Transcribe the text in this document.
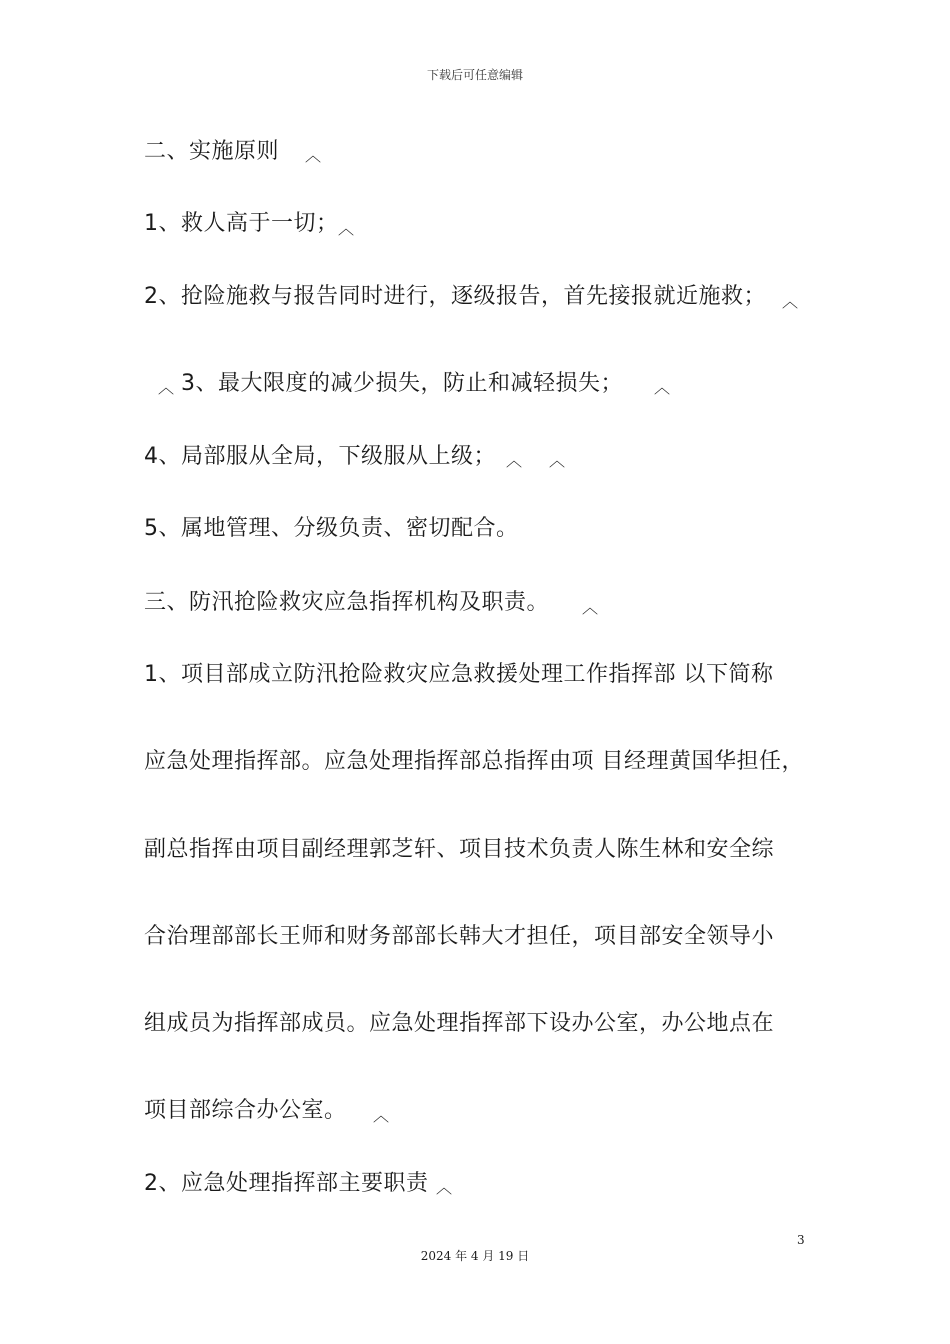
下载后可任意编辑
二、实施原则
1、救人高于一切；
2、抢险施救与报告同时进行，逐级报告，首先接报就近施救；
3、最大限度的减少损失，防止和减轻损失；
4、局部服从全局，下级服从上级；
5、属地管理、分级负责、密切配合。
三、防汛抢险救灾应急指挥机构及职责。
1、项目部成立防汛抢险救灾应急救援处理工作指挥部 以下简称
应急处理指挥部。应急处理指挥部总指挥由项 目经理黄国华担任，
副总指挥由项目副经理郭芝轩、项目技术负责人陈生林和安全综
合治理部部长王师和财务部部长韩大才担任，项目部安全领导小
组成员为指挥部成员。应急处理指挥部下设办公室，办公地点在
项目部综合办公室。
2、应急处理指挥部主要职责
︿
︿
︿
︿	︿
︿ ︿
︿
︿
︿
3
2024 年 4 月 19 日
